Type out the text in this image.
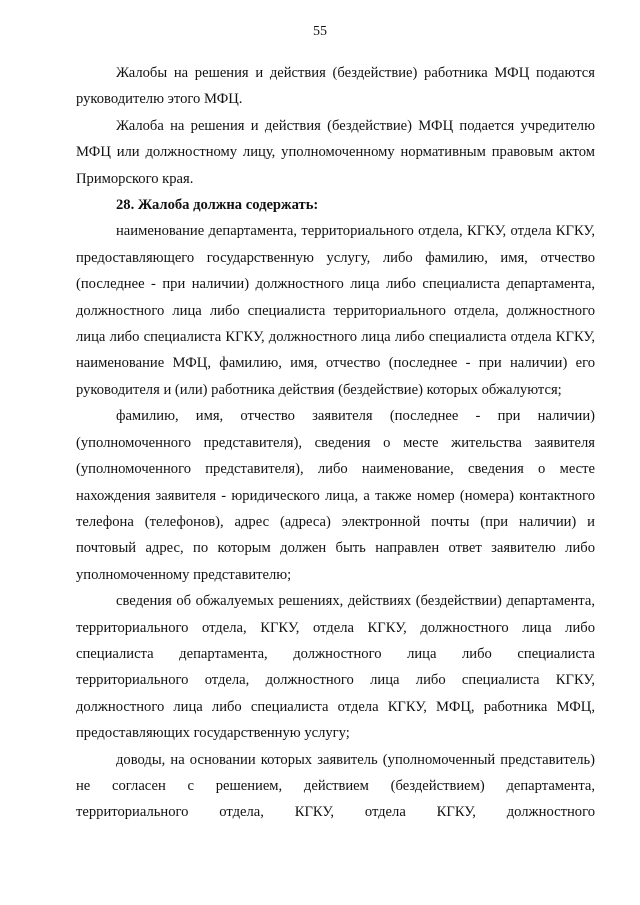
55

Жалобы на решения и действия (бездействие) работника МФЦ подаются руководителю этого МФЦ.

Жалоба на решения и действия (бездействие) МФЦ подается учредителю МФЦ или должностному лицу, уполномоченному нормативным правовым актом Приморского края.

28. Жалоба должна содержать:

наименование департамента, территориального отдела, КГКУ, отдела КГКУ, предоставляющего государственную услугу, либо фамилию, имя, отчество (последнее - при наличии) должностного лица либо специалиста департамента, должностного лица либо специалиста территориального отдела, должностного лица либо специалиста КГКУ, должностного лица либо специалиста отдела КГКУ, наименование МФЦ, фамилию, имя, отчество (последнее - при наличии) его руководителя и (или) работника действия (бездействие) которых обжалуются;

фамилию, имя, отчество заявителя (последнее - при наличии) (уполномоченного представителя), сведения о месте жительства заявителя (уполномоченного представителя), либо наименование, сведения о месте нахождения заявителя - юридического лица, а также номер (номера) контактного телефона (телефонов), адрес (адреса) электронной почты (при наличии) и почтовый адрес, по которым должен быть направлен ответ заявителю либо уполномоченному представителю;

сведения об обжалуемых решениях, действиях (бездействии) департамента, территориального отдела, КГКУ, отдела КГКУ, должностного лица либо специалиста департамента, должностного лица либо специалиста территориального отдела, должностного лица либо специалиста КГКУ, должностного лица либо специалиста отдела КГКУ, МФЦ, работника МФЦ, предоставляющих государственную услугу;

доводы, на основании которых заявитель (уполномоченный представитель) не согласен с решением, действием (бездействием) департамента, территориального отдела, КГКУ, отдела КГКУ, должностного
